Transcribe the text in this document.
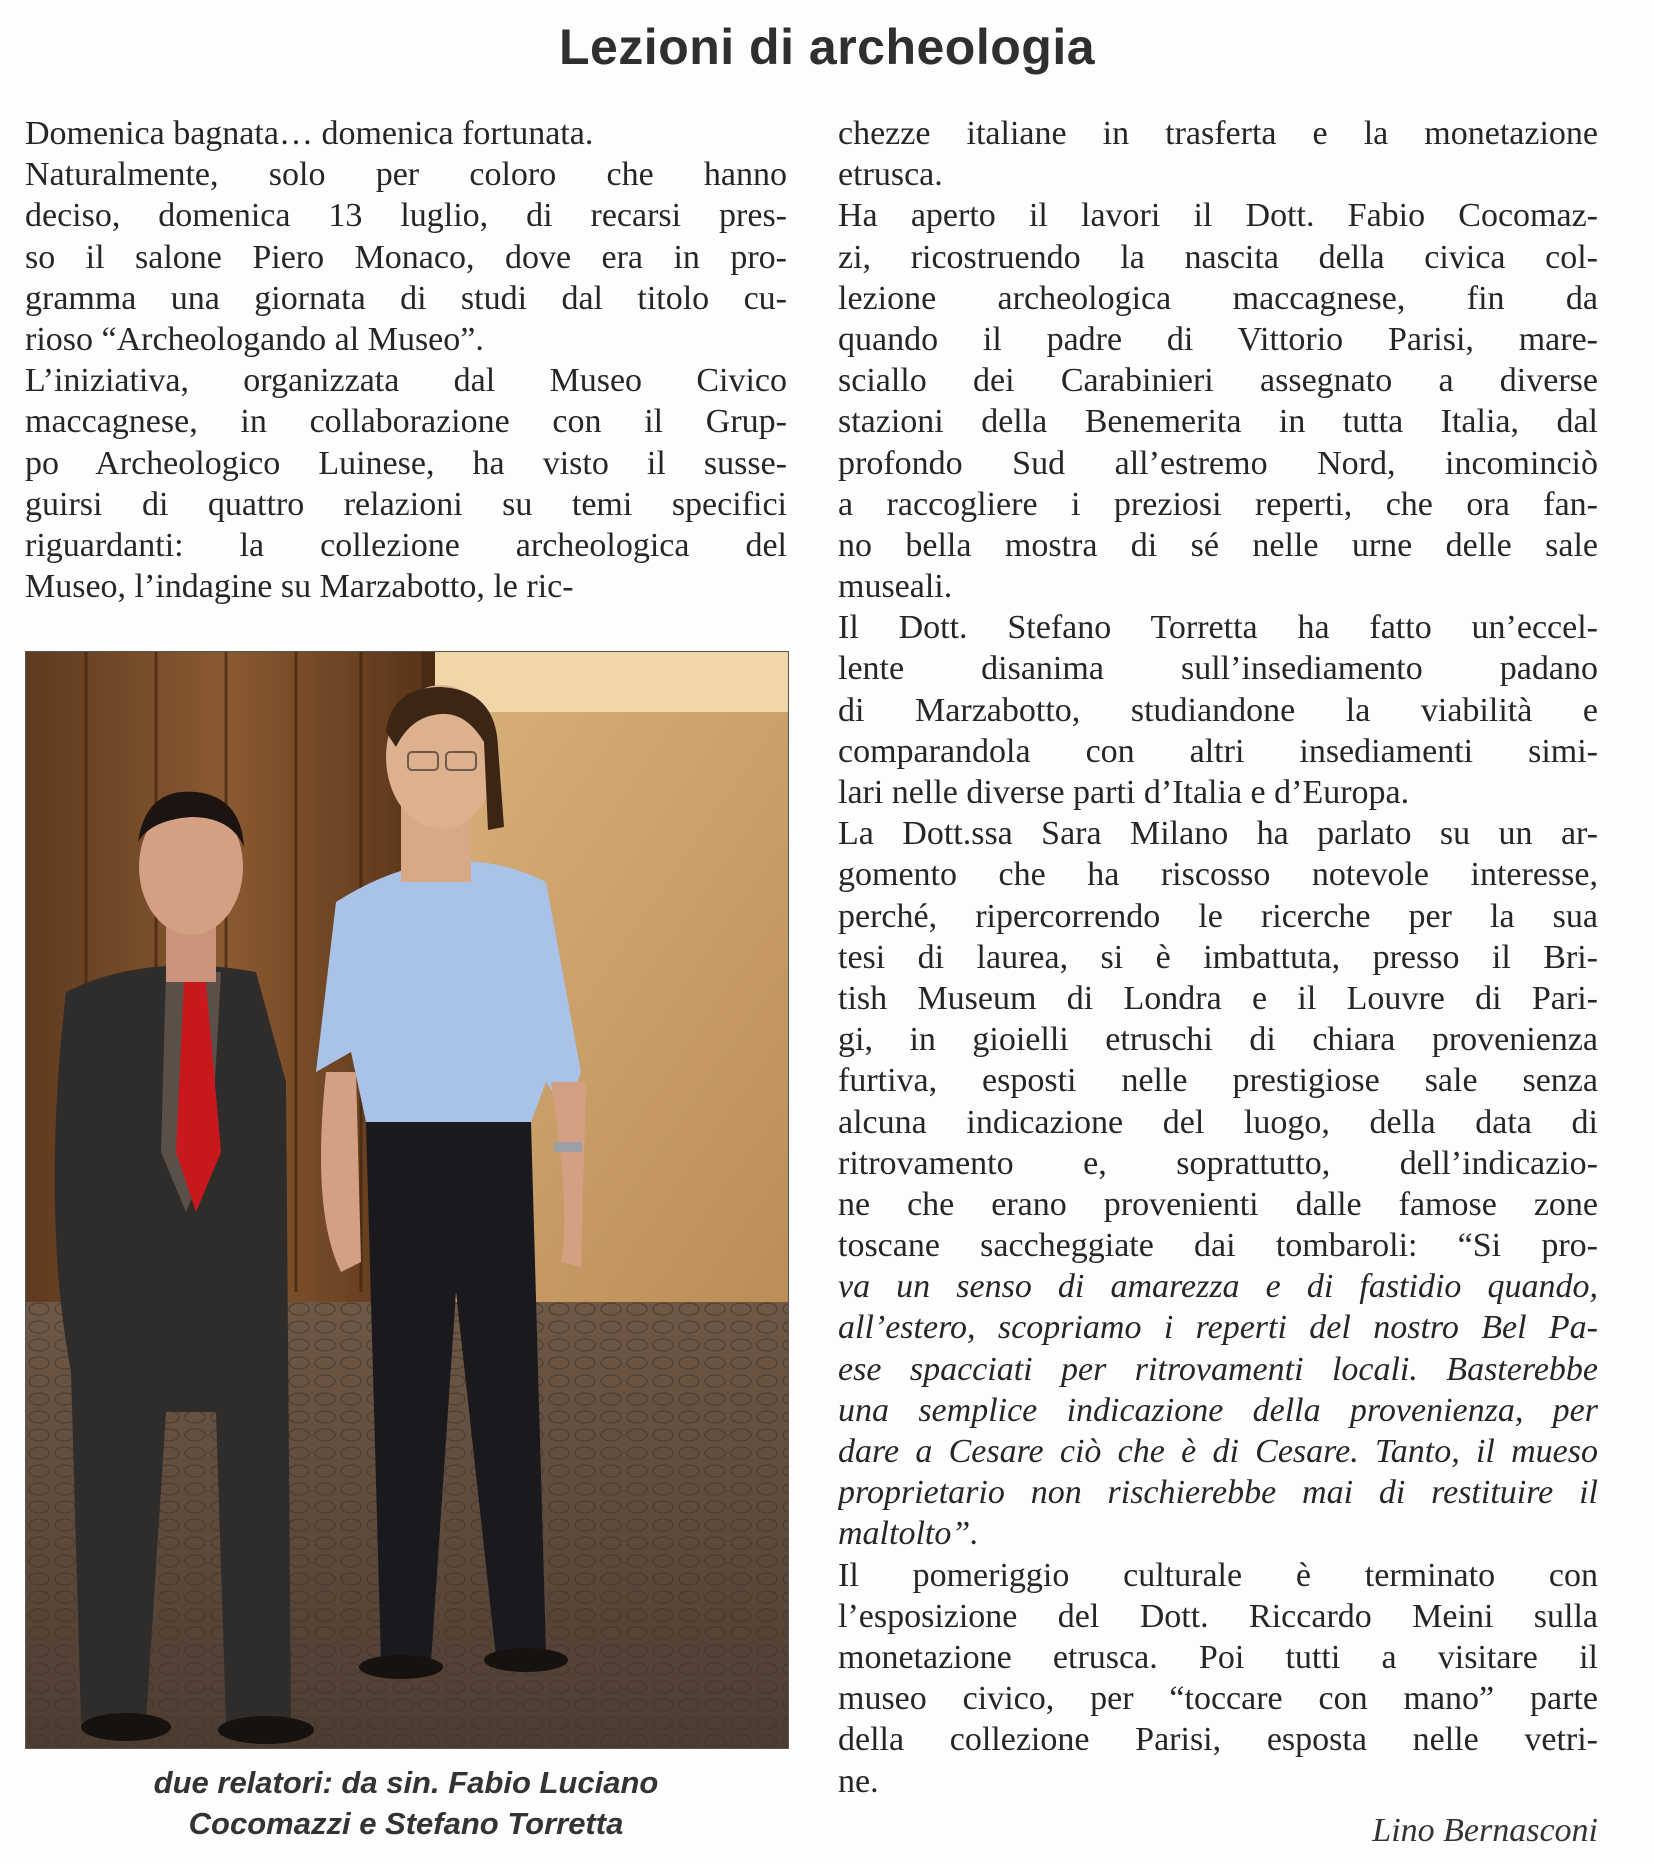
Lezioni di archeologia
Domenica bagnata… domenica fortunata.
Naturalmente, solo per coloro che hanno
deciso, domenica 13 luglio, di recarsi pres-
so il salone Piero Monaco, dove era in pro-
gramma una giornata di studi dal titolo cu-
rioso “Archeologando al Museo”.
L’iniziativa, organizzata dal Museo Civico
maccagnese, in collaborazione con il Grup-
po Archeologico Luinese, ha visto il susse-
guirsi di quattro relazioni su temi specifici
riguardanti: la collezione archeologica del
Museo, l’indagine su Marzabotto, le ric-
due relatori: da sin. Fabio Luciano
Cocomazzi e Stefano Torretta
chezze italiane in trasferta e la monetazione
etrusca.
Ha aperto il lavori il Dott. Fabio Cocomaz-
zi, ricostruendo la nascita della civica col-
lezione archeologica maccagnese, fin da
quando il padre di Vittorio Parisi, mare-
sciallo dei Carabinieri assegnato a diverse
stazioni della Benemerita in tutta Italia, dal
profondo Sud all’estremo Nord, incominciò
a raccogliere i preziosi reperti, che ora fan-
no bella mostra di sé nelle urne delle sale
museali.
Il Dott. Stefano Torretta ha fatto un’eccel-
lente disanima sull’insediamento padano
di Marzabotto, studiandone la viabilità e
comparandola con altri insediamenti simi-
lari nelle diverse parti d’Italia e d’Europa.
La Dott.ssa Sara Milano ha parlato su un ar-
gomento che ha riscosso notevole interesse,
perché, ripercorrendo le ricerche per la sua
tesi di laurea, si è imbattuta, presso il Bri-
tish Museum di Londra e il Louvre di Pari-
gi, in gioielli etruschi di chiara provenienza
furtiva, esposti nelle prestigiose sale senza
alcuna indicazione del luogo, della data di
ritrovamento e, soprattutto, dell’indicazio-
ne che erano provenienti dalle famose zone
toscane saccheggiate dai tombaroli: “Si pro-
va un senso di amarezza e di fastidio quando,
all’estero, scopriamo i reperti del nostro Bel Pa-
ese spacciati per ritrovamenti locali. Basterebbe
una semplice indicazione della provenienza, per
dare a Cesare ciò che è di Cesare. Tanto, il mueso
proprietario non rischierebbe mai di restituire il
maltolto”.
Il pomeriggio culturale è terminato con
l’esposizione del Dott. Riccardo Meini sulla
monetazione etrusca. Poi tutti a visitare il
museo civico, per “toccare con mano” parte
della collezione Parisi, esposta nelle vetri-
ne.
Lino Bernasconi
